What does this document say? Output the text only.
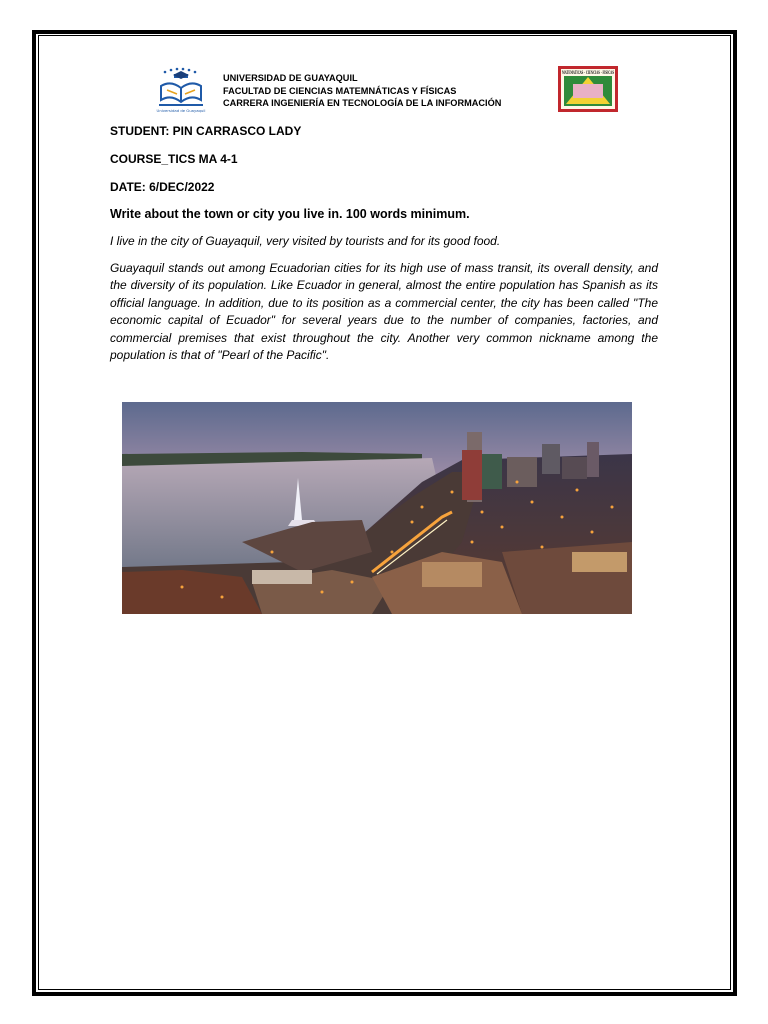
Universidad de Guayaquil
UNIVERSIDAD DE GUAYAQUIL
FACULTAD DE CIENCIAS MATEMNÁTICAS Y FÍSICAS
CARRERA INGENIERÍA EN TECNOLOGÍA DE LA INFORMACIÓN
MATEMATICAS · CIENCIAS · FISICAS
STUDENT: PIN CARRASCO LADY
COURSE_TICS MA 4-1
DATE: 6/DEC/2022
Write about the town or city you live in. 100 words minimum.
I live in the city of Guayaquil, very visited by tourists and for its good food.
Guayaquil stands out among Ecuadorian cities for its high use of mass transit, its overall density, and the diversity of its population. Like Ecuador in general, almost the entire population has Spanish as its official language. In addition, due to its position as a commercial center, the city has been called "The economic capital of Ecuador" for several years due to the number of companies, factories, and commercial premises that exist throughout the city. Another very common nickname among the population is that of "Pearl of the Pacific".
